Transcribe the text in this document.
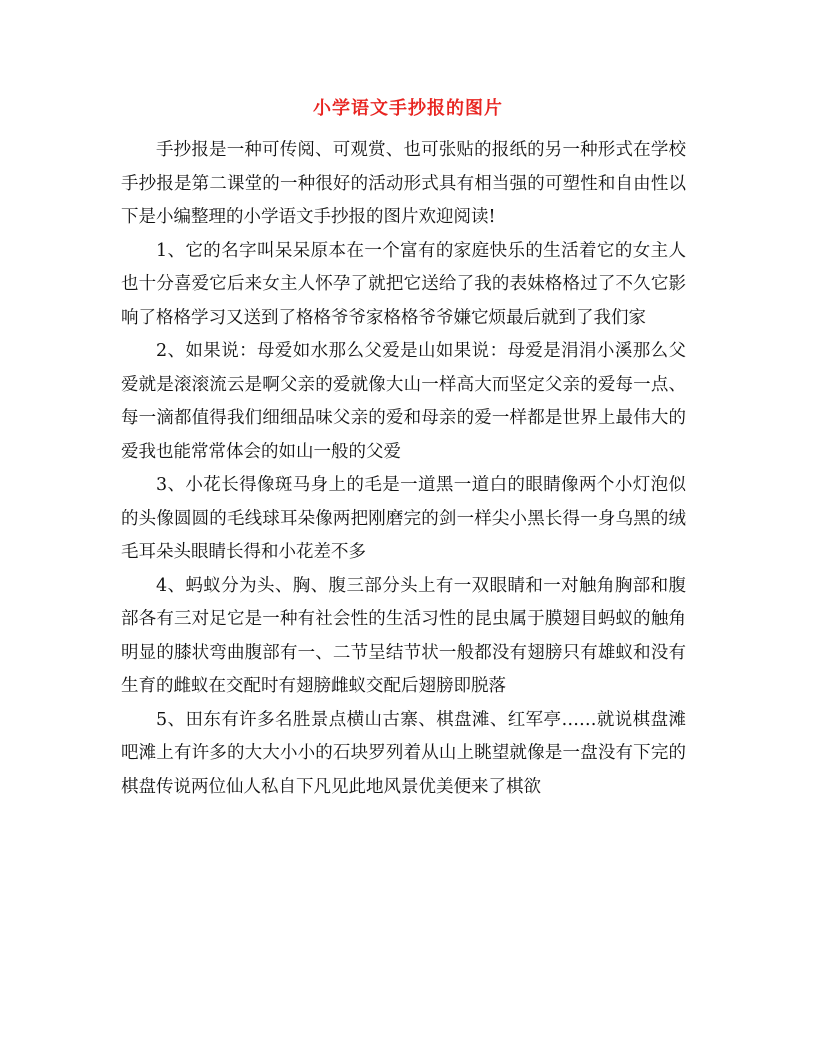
小学语文手抄报的图片

手抄报是一种可传阅、可观赏、也可张贴的报纸的另一种形式在学校手抄报是第二课堂的一种很好的活动形式具有相当强的可塑性和自由性以下是小编整理的小学语文手抄报的图片欢迎阅读!

1、它的名字叫呆呆原本在一个富有的家庭快乐的生活着它的女主人也十分喜爱它后来女主人怀孕了就把它送给了我的表妹格格过了不久它影响了格格学习又送到了格格爷爷家格格爷爷嫌它烦最后就到了我们家

2、如果说：母爱如水那么父爱是山如果说：母爱是涓涓小溪那么父爱就是滚滚流云是啊父亲的爱就像大山一样高大而坚定父亲的爱每一点、每一滴都值得我们细细品味父亲的爱和母亲的爱一样都是世界上最伟大的爱我也能常常体会的如山一般的父爱

3、小花长得像斑马身上的毛是一道黑一道白的眼睛像两个小灯泡似的头像圆圆的毛线球耳朵像两把刚磨完的剑一样尖小黑长得一身乌黑的绒毛耳朵头眼睛长得和小花差不多

4、蚂蚁分为头、胸、腹三部分头上有一双眼睛和一对触角胸部和腹部各有三对足它是一种有社会性的生活习性的昆虫属于膜翅目蚂蚁的触角明显的膝状弯曲腹部有一、二节呈结节状一般都没有翅膀只有雄蚁和没有生育的雌蚁在交配时有翅膀雌蚁交配后翅膀即脱落

5、田东有许多名胜景点横山古寨、棋盘滩、红军亭……就说棋盘滩吧滩上有许多的大大小小的石块罗列着从山上眺望就像是一盘没有下完的棋盘传说两位仙人私自下凡见此地风景优美便来了棋欲
